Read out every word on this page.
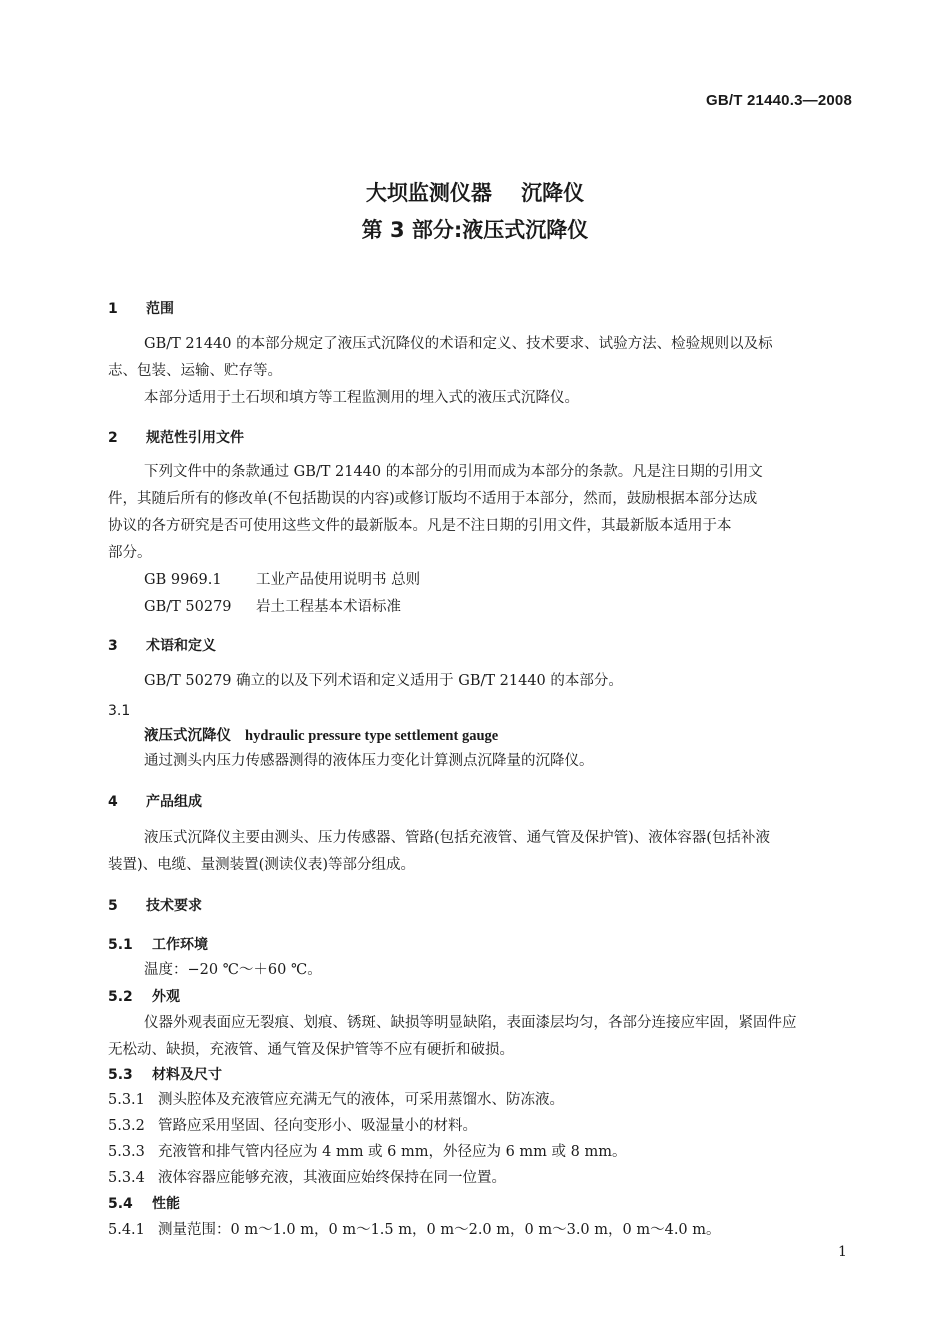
GB/T 21440.3—2008
大坝监测仪器    沉降仪
第 3 部分:液压式沉降仪
1 范围
GB/T 21440 的本部分规定了液压式沉降仪的术语和定义、技术要求、试验方法、检验规则以及标
志、包装、运输、贮存等。
本部分适用于土石坝和填方等工程监测用的埋入式的液压式沉降仪。
2 规范性引用文件
下列文件中的条款通过 GB/T 21440 的本部分的引用而成为本部分的条款。凡是注日期的引用文
件，其随后所有的修改单(不包括勘误的内容)或修订版均不适用于本部分，然而，鼓励根据本部分达成
协议的各方研究是否可使用这些文件的最新版本。凡是不注日期的引用文件，其最新版本适用于本
部分。
GB 9969.1 工业产品使用说明书 总则
GB/T 50279 岩土工程基本术语标准
3 术语和定义
GB/T 50279 确立的以及下列术语和定义适用于 GB/T 21440 的本部分。
3.1
液压式沉降仪 hydraulic pressure type settlement gauge
通过测头内压力传感器测得的液体压力变化计算测点沉降量的沉降仪。
4 产品组成
液压式沉降仪主要由测头、压力传感器、管路(包括充液管、通气管及保护管)、液体容器(包括补液
装置)、电缆、量测装置(测读仪表)等部分组成。
5 技术要求
5.1 工作环境
温度：−20 ℃～＋60 ℃。
5.2 外观
仪器外观表面应无裂痕、划痕、锈斑、缺损等明显缺陷，表面漆层均匀，各部分连接应牢固，紧固件应
无松动、缺损，充液管、通气管及保护管等不应有硬折和破损。
5.3 材料及尺寸
5.3.1 测头腔体及充液管应充满无气的液体，可采用蒸馏水、防冻液。
5.3.2 管路应采用坚固、径向变形小、吸湿量小的材料。
5.3.3 充液管和排气管内径应为 4 mm 或 6 mm，外径应为 6 mm 或 8 mm。
5.3.4 液体容器应能够充液，其液面应始终保持在同一位置。
5.4 性能
5.4.1 测量范围：0 m～1.0 m，0 m～1.5 m，0 m～2.0 m，0 m～3.0 m，0 m～4.0 m。
1
